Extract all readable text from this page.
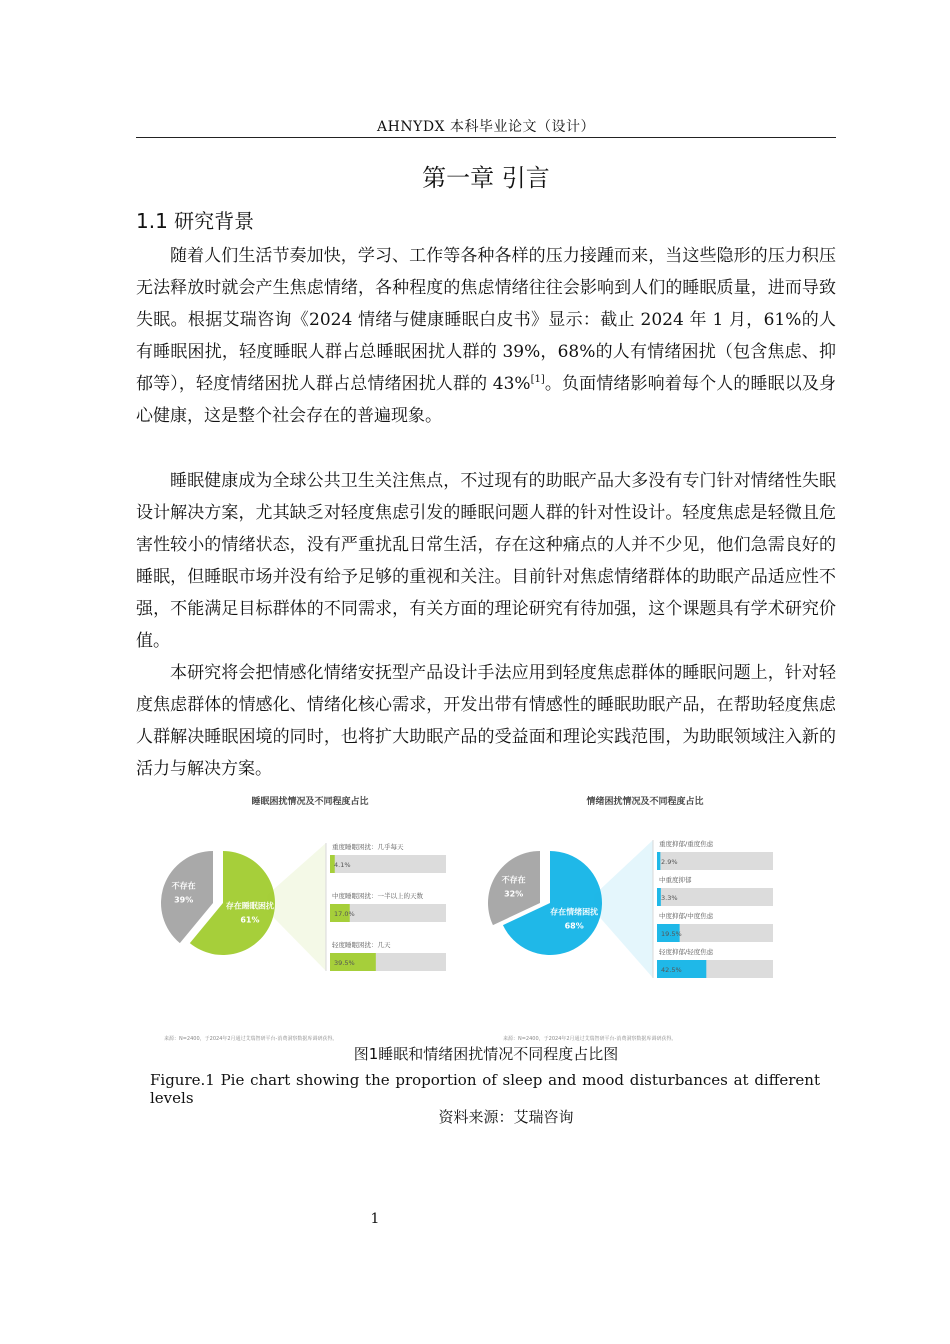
AHNYDX 本科毕业论文（设计）
第一章 引言
1.1 研究背景

随着人们生活节奏加快，学习、工作等各种各样的压力接踵而来，当这些隐形的压力积压无法释放时就会产生焦虑情绪，各种程度的焦虑情绪往往会影响到人们的睡眠质量，进而导致失眠。根据艾瑞咨询《2024 情绪与健康睡眠白皮书》显示：截止 2024 年 1 月，61%的人有睡眠困扰，轻度睡眠人群占总睡眠困扰人群的 39%，68%的人有情绪困扰（包含焦虑、抑郁等），轻度情绪困扰人群占总情绪困扰人群的 43%[1]。负面情绪影响着每个人的睡眠以及身心健康，这是整个社会存在的普遍现象。

睡眠健康成为全球公共卫生关注焦点，不过现有的助眠产品大多没有专门针对情绪性失眠设计解决方案，尤其缺乏对轻度焦虑引发的睡眠问题人群的针对性设计。轻度焦虑是轻微且危害性较小的情绪状态，没有严重扰乱日常生活，存在这种痛点的人并不少见，他们急需良好的睡眠，但睡眠市场并没有给予足够的重视和关注。目前针对焦虑情绪群体的助眠产品适应性不强，不能满足目标群体的不同需求，有关方面的理论研究有待加强，这个课题具有学术研究价值。

本研究将会把情感化情绪安抚型产品设计手法应用到轻度焦虑群体的睡眠问题上，针对轻度焦虑群体的情感化、情绪化核心需求，开发出带有情感性的睡眠助眠产品，在帮助轻度焦虑人群解决睡眠困境的同时，也将扩大助眠产品的受益面和理论实践范围，为助眠领域注入新的活力与解决方案。

睡眠困扰情况及不同程度占比
存在睡眠困扰
61%
不存在
39%
重度睡眠困扰：几乎每天
4.1%
中度睡眠困扰：一半以上的天数
17.0%
轻度睡眠困扰：几天
39.5%
来源：N=2400，于2024年2月通过艾瑞智研平台-消费洞察数据库调研获得。
情绪困扰情况及不同程度占比
存在情绪困扰
68%
不存在
32%
重度抑郁/重度焦虑
2.9%
中重度抑郁
3.3%
中度抑郁/中度焦虑
19.5%
轻度抑郁/轻度焦虑
42.5%
来源：N=2400，于2024年2月通过艾瑞智研平台-消费洞察数据库调研获得。
图1睡眠和情绪困扰情况不同程度占比图
Figure.1 Pie chart showing the proportion of sleep and mood disturbances at different levels
资料来源：艾瑞咨询
1
